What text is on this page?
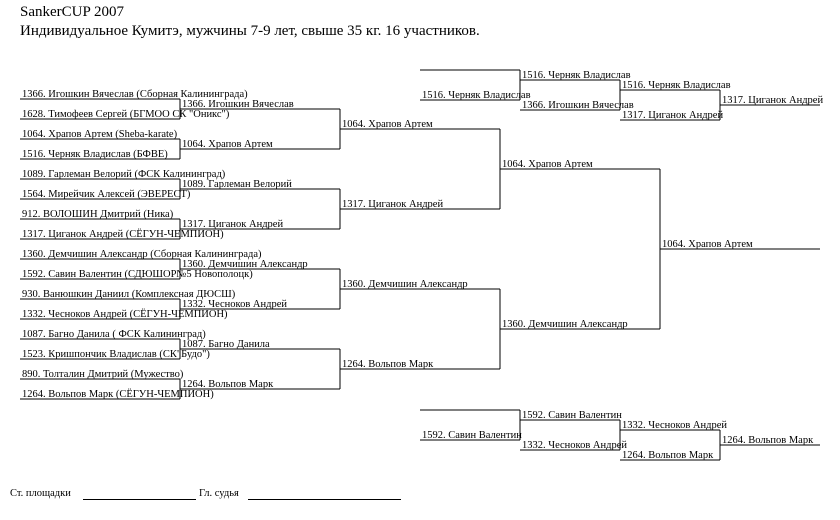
SankerCUP 2007
Индивидуальное Кумитэ, мужчины 7-9 лет, свыше 35 кг. 16 участников.
1366. Игошкин Вячеслав (Сборная Калининграда)
1628. Тимофеев Сергей (БГМОО СК "Оникс")
1064. Храпов Артем (Sheba-karate)
1516. Черняк Владислав (БФВЕ)
1089. Гарлеман Велорий (ФСК Калининград)
1564. Мирейчик Алексей (ЭВЕРЕСТ)
912. ВОЛОШИН Дмитрий (Ника)
1317. Циганок Андрей (СЁГУН-ЧЕМПИОН)
1360. Демчишин Александр (Сборная Калининграда)
1592. Савин Валентин (СДЮШОР№5 Новополоцк)
930. Ванюшкин Даниил (Комплексная ДЮСШ)
1332. Чесноков Андрей (СЁГУН-ЧЕМПИОН)
1087. Багно Данила ( ФСК Калининград)
1523. Кришпончик Владислав (СК"Будо")
890. Толталин Дмитрий (Мужество)
1264. Вольпов Марк (СЁГУН-ЧЕМПИОН)
1366. Игошкин Вячеслав
1064. Храпов Артем
1089. Гарлеман Велорий
1317. Циганок Андрей
1360. Демчишин Александр
1332. Чесноков Андрей
1087. Багно Данила
1264. Вольпов Марк
1064. Храпов Артем
1317. Циганок Андрей
1360. Демчишин Александр
1264. Вольпов Марк
1064. Храпов Артем
1360. Демчишин Александр
1064. Храпов Артем
1516. Черняк Владислав
1516. Черняк Владислав
1366. Игошкин Вячеслав
1516. Черняк Владислав
1317. Циганок Андрей
1317. Циганок Андрей
1592. Савин Валентин
1592. Савин Валентин
1332. Чесноков Андрей
1332. Чесноков Андрей
1264. Вольпов Марк
1264. Вольпов Марк
Ст. площадки	Гл. судья
